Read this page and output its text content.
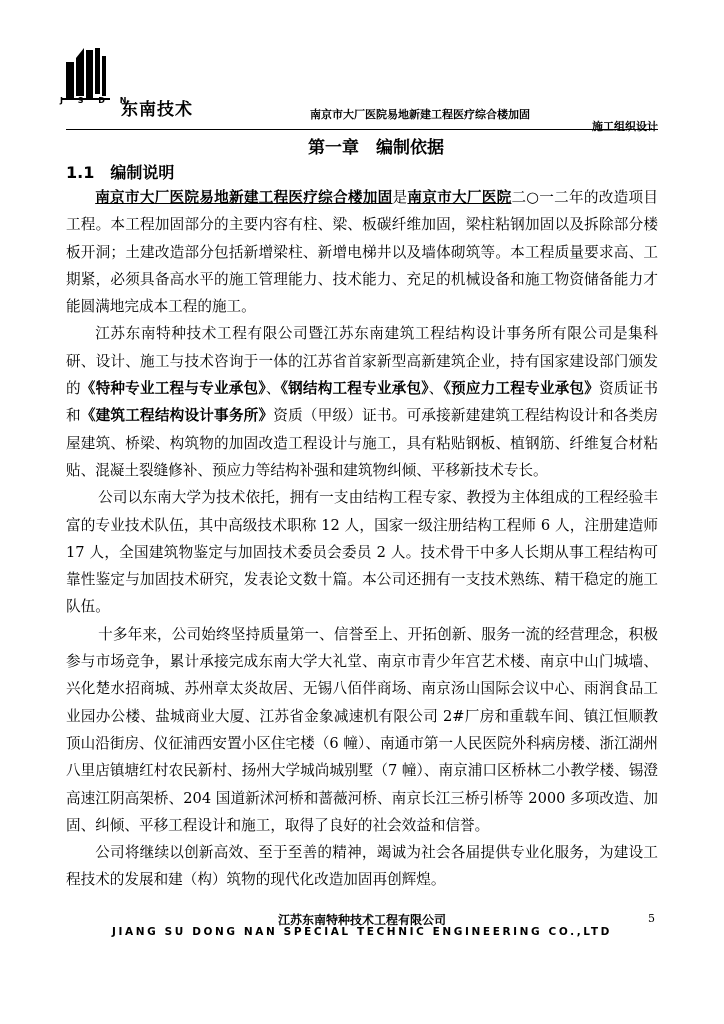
J S D N
东南技术	南京市大厂医院易地新建工程医疗综合楼加固
施工组织设计
第一章　编制依据
1.1　编制说明

南京市大厂医院易地新建工程医疗综合楼加固是南京市大厂医院二○一二年的改造项目工程。本工程加固部分的主要内容有柱、梁、板碳纤维加固，梁柱粘钢加固以及拆除部分楼板开洞；土建改造部分包括新增梁柱、新增电梯井以及墙体砌筑等。本工程质量要求高、工期紧，必须具备高水平的施工管理能力、技术能力、充足的机械设备和施工物资储备能力才能圆满地完成本工程的施工。

江苏东南特种技术工程有限公司暨江苏东南建筑工程结构设计事务所有限公司是集科研、设计、施工与技术咨询于一体的江苏省首家新型高新建筑企业，持有国家建设部门颁发的《特种专业工程与专业承包》、《钢结构工程专业承包》、《预应力工程专业承包》资质证书和《建筑工程结构设计事务所》资质（甲级）证书。可承接新建建筑工程结构设计和各类房屋建筑、桥梁、构筑物的加固改造工程设计与施工，具有粘贴钢板、植钢筋、纤维复合材粘贴、混凝土裂缝修补、预应力等结构补强和建筑物纠倾、平移新技术专长。

公司以东南大学为技术依托，拥有一支由结构工程专家、教授为主体组成的工程经验丰富的专业技术队伍，其中高级技术职称 12 人，国家一级注册结构工程师 6 人，注册建造师 17 人，全国建筑物鉴定与加固技术委员会委员 2 人。技术骨干中多人长期从事工程结构可靠性鉴定与加固技术研究，发表论文数十篇。本公司还拥有一支技术熟练、精干稳定的施工队伍。

十多年来，公司始终坚持质量第一、信誉至上、开拓创新、服务一流的经营理念，积极参与市场竞争，累计承接完成东南大学大礼堂、南京市青少年宫艺术楼、南京中山门城墙、兴化楚水招商城、苏州章太炎故居、无锡八佰伴商场、南京汤山国际会议中心、雨润食品工业园办公楼、盐城商业大厦、江苏省金象减速机有限公司 2#厂房和重载车间、镇江恒顺教顶山沿街房、仪征浦西安置小区住宅楼（6 幢）、南通市第一人民医院外科病房楼、浙江湖州八里店镇塘红村农民新村、扬州大学城尚城别墅（7 幢）、南京浦口区桥林二小教学楼、锡澄高速江阴高架桥、204 国道新沭河桥和蔷薇河桥、南京长江三桥引桥等 2000 多项改造、加固、纠倾、平移工程设计和施工，取得了良好的社会效益和信誉。

公司将继续以创新高效、至于至善的精神，竭诚为社会各届提供专业化服务，为建设工程技术的发展和建（构）筑物的现代化改造加固再创辉煌。

江苏东南特种技术工程有限公司	5
JIANG SU DONG NAN SPECIAL TECHNIC ENGINEERING CO.,LTD
